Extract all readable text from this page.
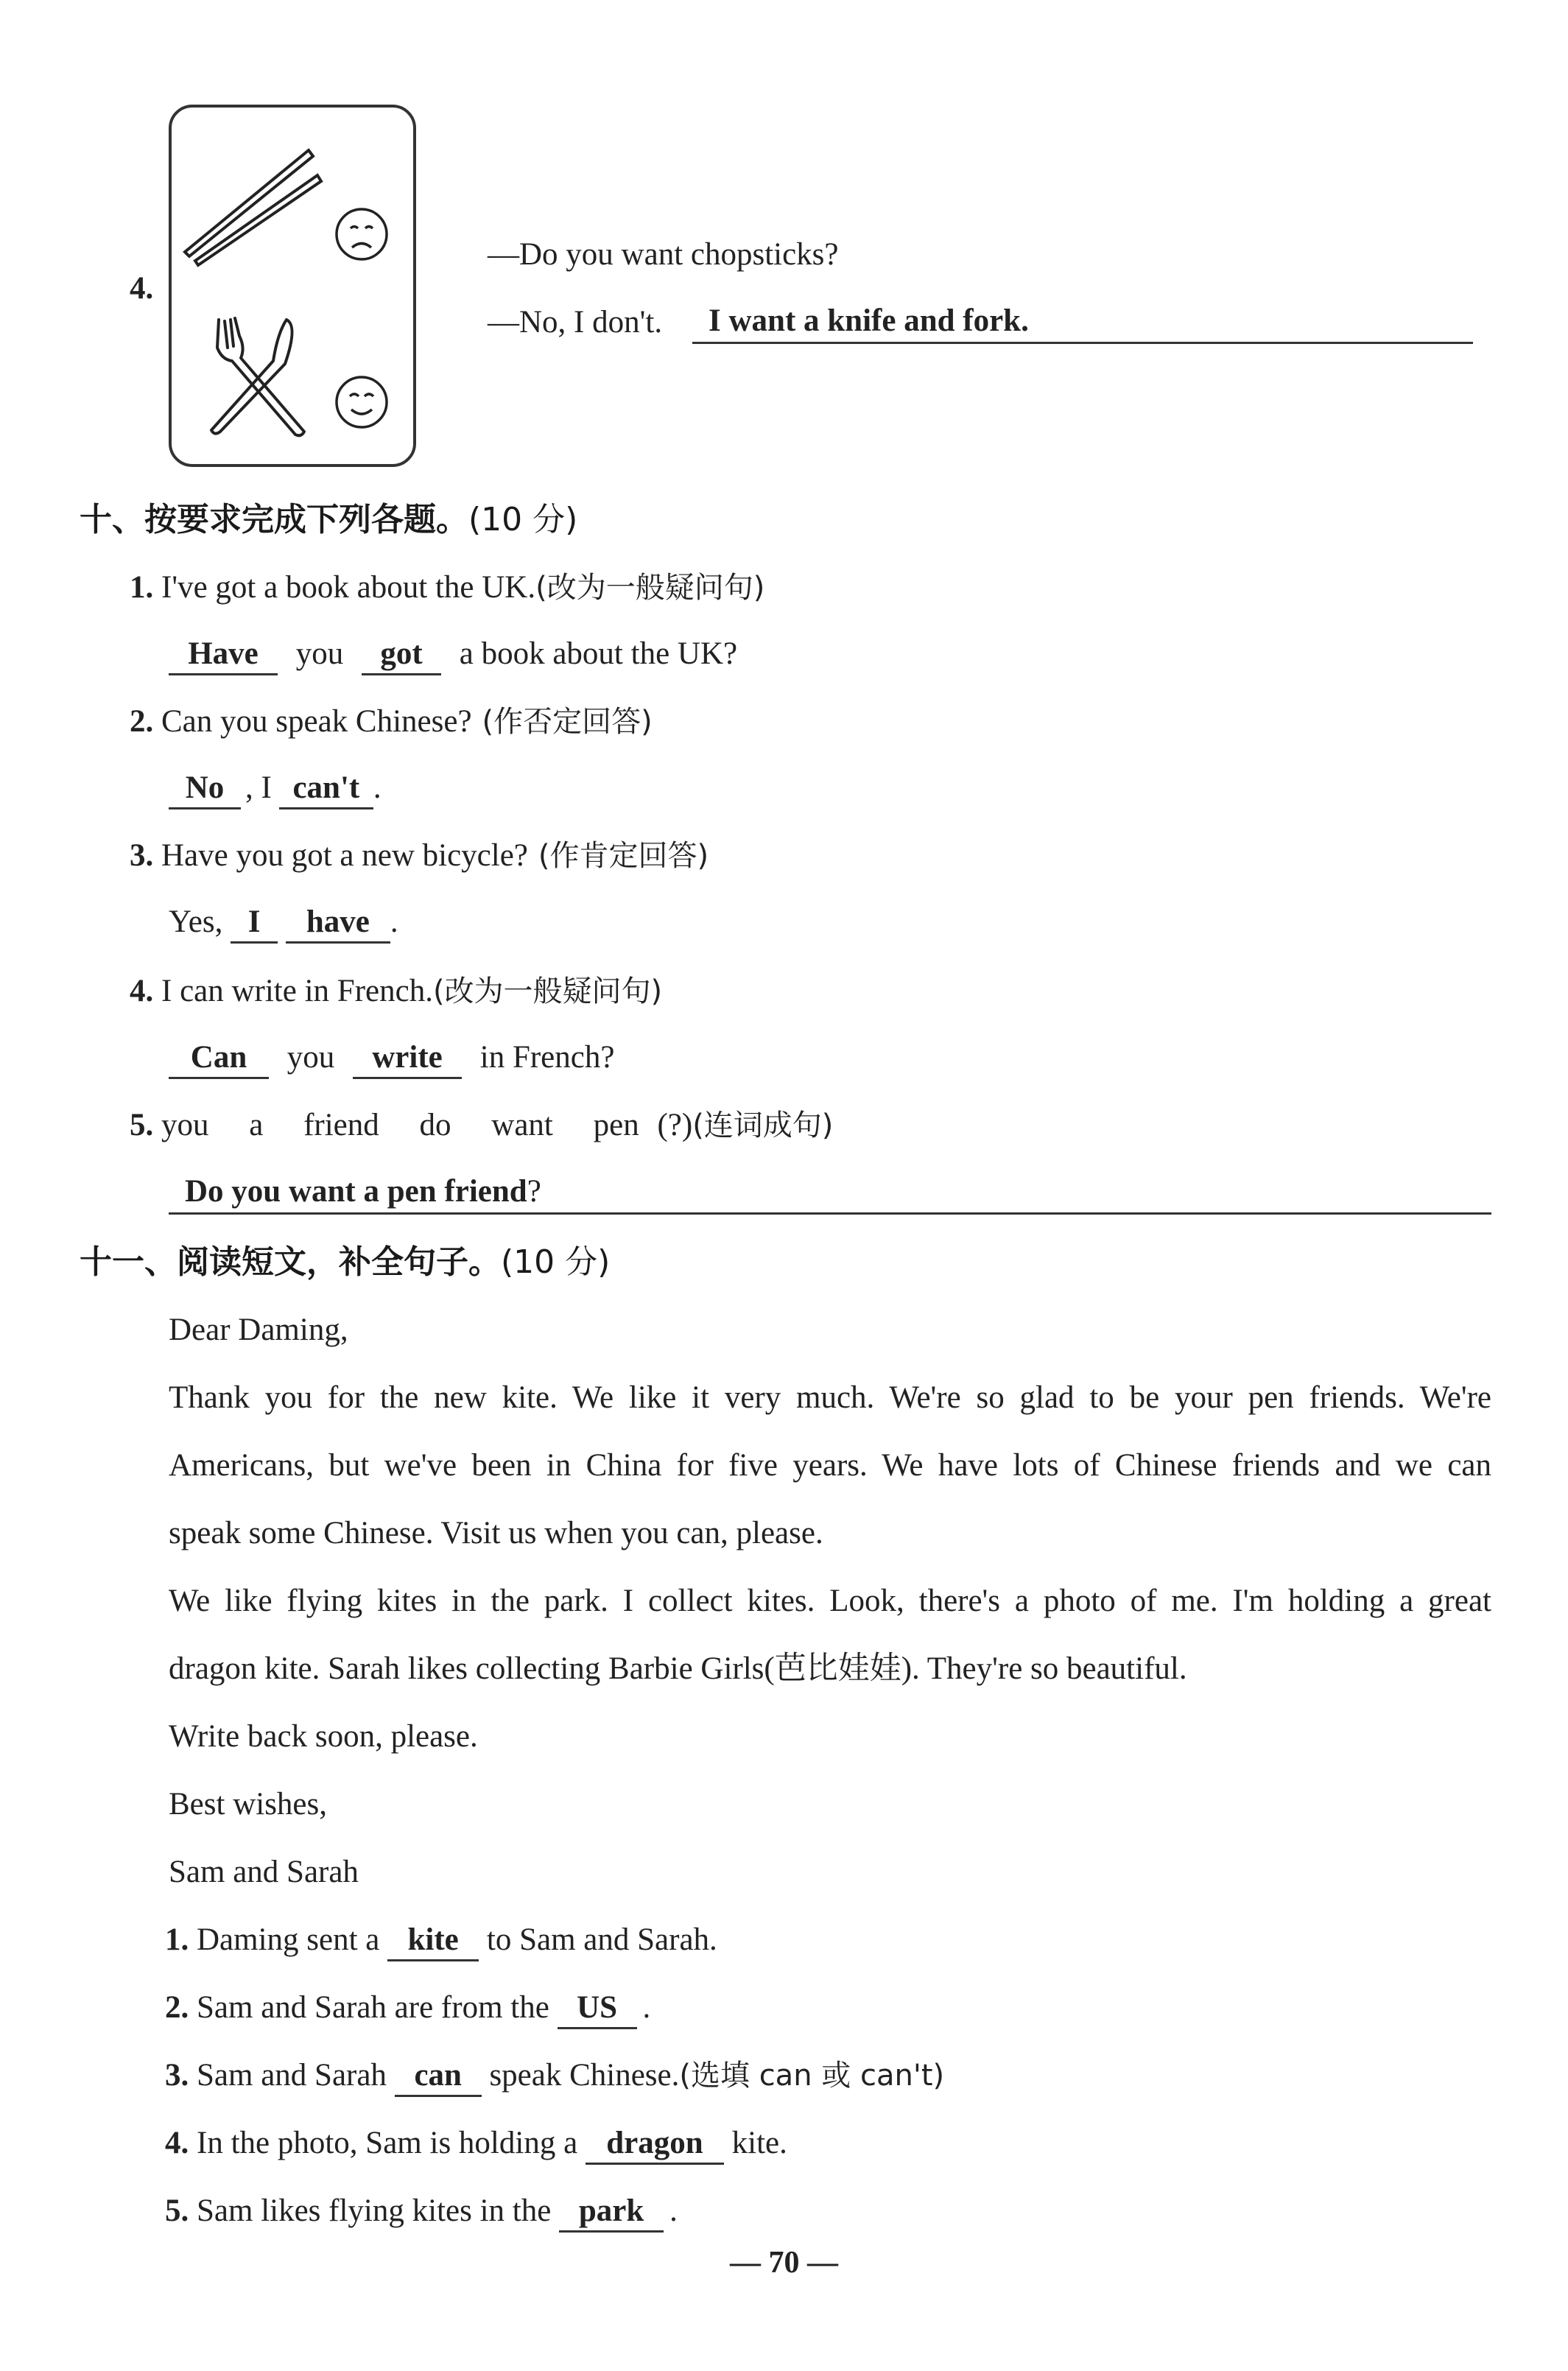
4.
—Do you want chopsticks?
—No, I don't.	I want a knife and fork.
十、按要求完成下列各题。(10 分)
1. I've got a book about the UK.(改为一般疑问句)
Have you got a book about the UK?
2. Can you speak Chinese? (作否定回答)
No , I can't .
3. Have you got a new bicycle? (作肯定回答)
Yes, I have .
4. I can write in French.(改为一般疑问句)
Can you write in French?
5. you a friend do want pen (?)(连词成句)
Do you want a pen friend?
十一、阅读短文，补全句子。(10 分)
Dear Daming,
Thank you for the new kite. We like it very much. We're so glad to be your pen friends. We're
Americans, but we've been in China for five years. We have lots of Chinese friends and we can
speak some Chinese. Visit us when you can, please.
We like flying kites in the park. I collect kites. Look, there's a photo of me. I'm holding a great
dragon kite. Sarah likes collecting Barbie Girls(芭比娃娃). They're so beautiful.
Write back soon, please.
Best wishes,
Sam and Sarah
1. Daming sent a kite to Sam and Sarah.
2. Sam and Sarah are from the US .
3. Sam and Sarah can speak Chinese.(选填 can 或 can't)
4. In the photo, Sam is holding a dragon kite.
5. Sam likes flying kites in the park .
— 70 —
